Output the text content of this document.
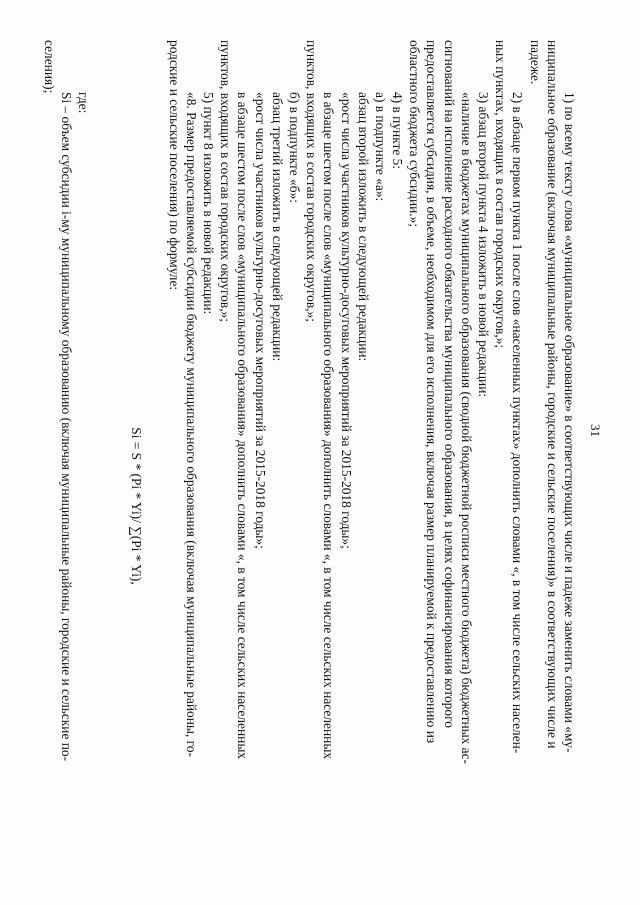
31
1) по всему тексту слова «муниципальное образование» в соответствующих числе и падеже заменить словами «му-
ниципальное образование (включая муниципальные районы, городские и сельские поселения)» в соответствующих числе и
падеже.
2) в абзаце первом пункта 1 после слов «населенных пунктах» дополнить словами «, в том числе сельских населен-
ных пунктах, входящих в состав городских округов,»;
3) абзац второй пункта 4 изложить в новой редакции:
«наличие в бюджетах муниципального образования (сводной бюджетной росписи местного бюджета) бюджетных ас-
сигнований на исполнение расходного обязательства муниципального образования, в целях софинансирования которого
предоставляется субсидия, в объеме, необходимом для его исполнения, включая размер планируемой к предоставлению из
областного бюджета субсидии.»;
4) в пункте 5:
а) в подпункте «а»:
абзац второй изложить в следующей редакции:
«рост числа участников культурно-досуговых мероприятий за 2015-2018 годы»;
в абзаце шестом после слов «муниципального образования» дополнить словами «, в том числе сельских населенных
пунктов, входящих в состав городских округов,»;
б) в подпункте «б»:
абзац третий изложить в следующей редакции:
«рост числа участников культурно-досуговых мероприятий за 2015-2018 годы»;
в абзаце шестом после слов «муниципального образования» дополнить словами «, в том числе сельских населенных
пунктов, входящих в состав городских округов,»;
5) пункт 8 изложить в новой редакции:
«8. Размер предоставляемой субсидии бюджету муниципального образования (включая муниципальные районы, го-
родские и сельские поселения) по формуле:
Si = S * (Pi * Yi)/ ∑(Pi * Yi),
где:
Si – объем субсидии i-му муниципальному образованию (включая муниципальные районы, городские и сельские по-
селения);
